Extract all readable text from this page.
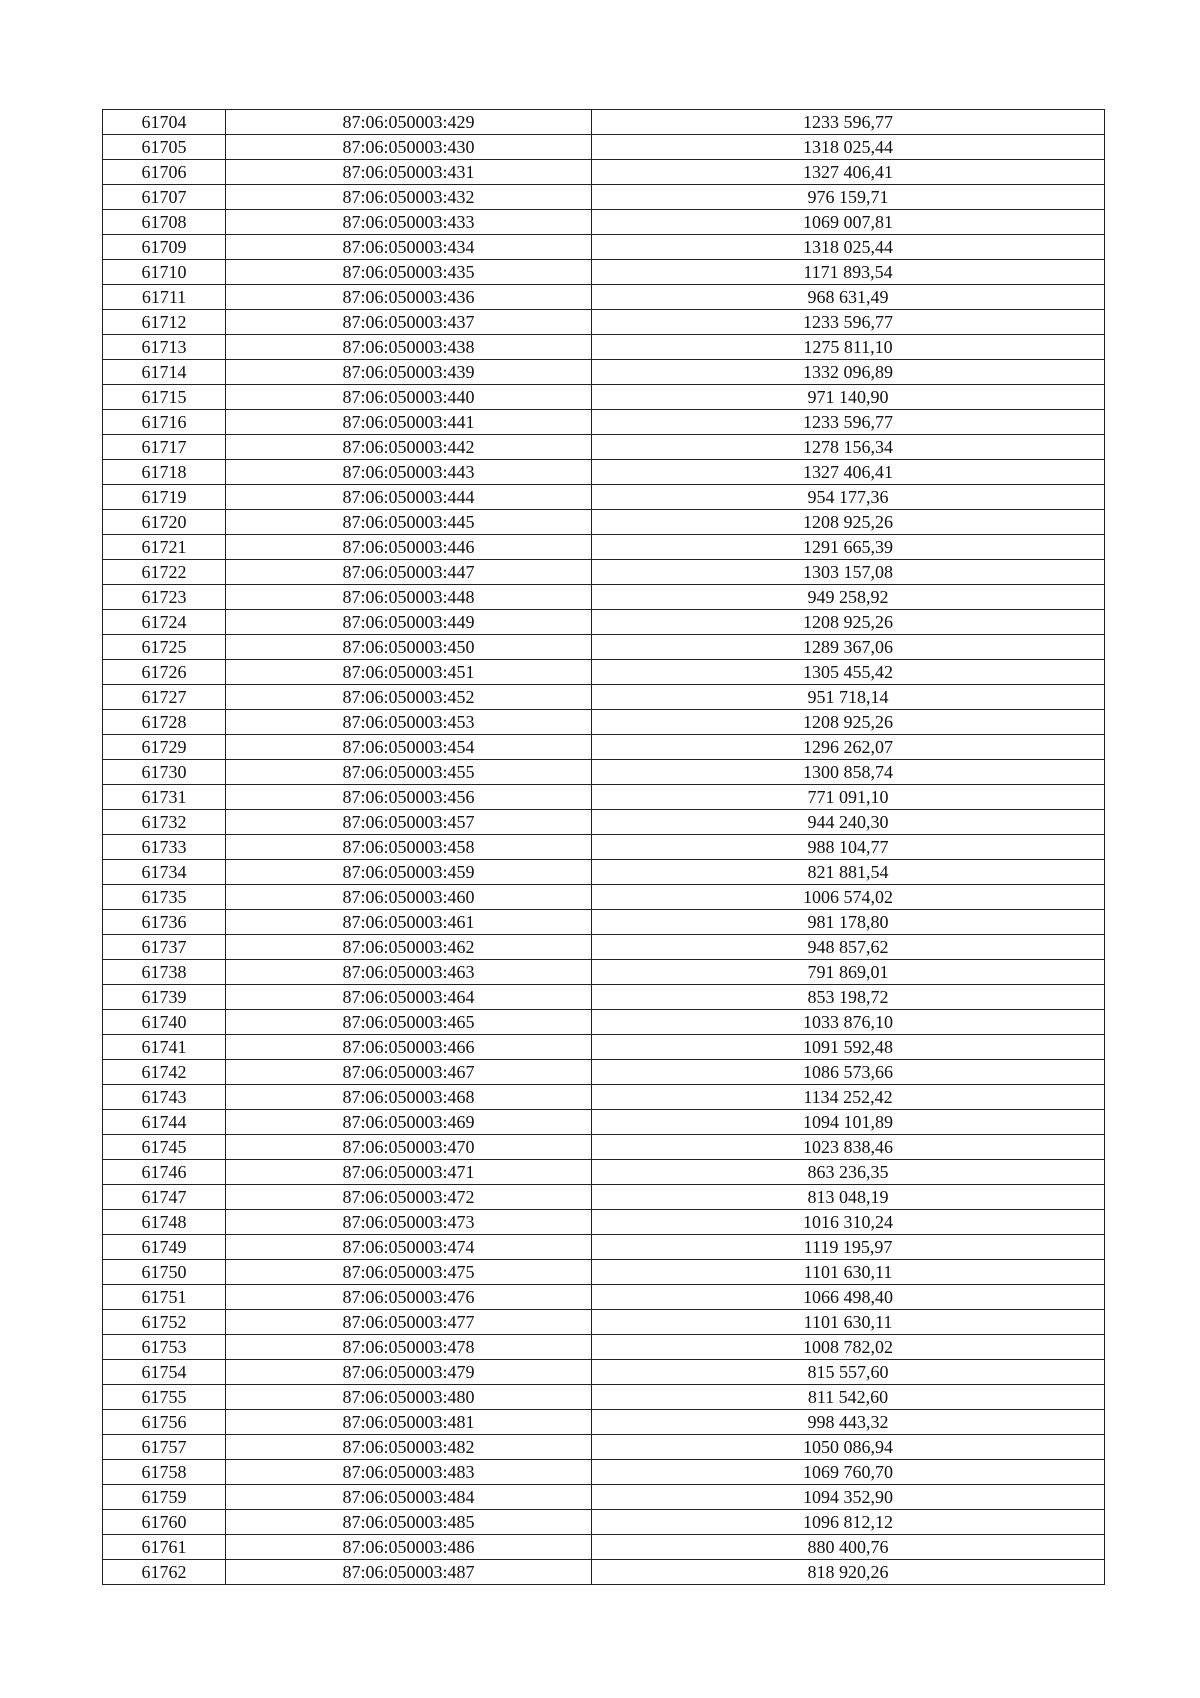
61704	87:06:050003:429	1233 596,77
61705	87:06:050003:430	1318 025,44
61706	87:06:050003:431	1327 406,41
61707	87:06:050003:432	976 159,71
61708	87:06:050003:433	1069 007,81
61709	87:06:050003:434	1318 025,44
61710	87:06:050003:435	1171 893,54
61711	87:06:050003:436	968 631,49
61712	87:06:050003:437	1233 596,77
61713	87:06:050003:438	1275 811,10
61714	87:06:050003:439	1332 096,89
61715	87:06:050003:440	971 140,90
61716	87:06:050003:441	1233 596,77
61717	87:06:050003:442	1278 156,34
61718	87:06:050003:443	1327 406,41
61719	87:06:050003:444	954 177,36
61720	87:06:050003:445	1208 925,26
61721	87:06:050003:446	1291 665,39
61722	87:06:050003:447	1303 157,08
61723	87:06:050003:448	949 258,92
61724	87:06:050003:449	1208 925,26
61725	87:06:050003:450	1289 367,06
61726	87:06:050003:451	1305 455,42
61727	87:06:050003:452	951 718,14
61728	87:06:050003:453	1208 925,26
61729	87:06:050003:454	1296 262,07
61730	87:06:050003:455	1300 858,74
61731	87:06:050003:456	771 091,10
61732	87:06:050003:457	944 240,30
61733	87:06:050003:458	988 104,77
61734	87:06:050003:459	821 881,54
61735	87:06:050003:460	1006 574,02
61736	87:06:050003:461	981 178,80
61737	87:06:050003:462	948 857,62
61738	87:06:050003:463	791 869,01
61739	87:06:050003:464	853 198,72
61740	87:06:050003:465	1033 876,10
61741	87:06:050003:466	1091 592,48
61742	87:06:050003:467	1086 573,66
61743	87:06:050003:468	1134 252,42
61744	87:06:050003:469	1094 101,89
61745	87:06:050003:470	1023 838,46
61746	87:06:050003:471	863 236,35
61747	87:06:050003:472	813 048,19
61748	87:06:050003:473	1016 310,24
61749	87:06:050003:474	1119 195,97
61750	87:06:050003:475	1101 630,11
61751	87:06:050003:476	1066 498,40
61752	87:06:050003:477	1101 630,11
61753	87:06:050003:478	1008 782,02
61754	87:06:050003:479	815 557,60
61755	87:06:050003:480	811 542,60
61756	87:06:050003:481	998 443,32
61757	87:06:050003:482	1050 086,94
61758	87:06:050003:483	1069 760,70
61759	87:06:050003:484	1094 352,90
61760	87:06:050003:485	1096 812,12
61761	87:06:050003:486	880 400,76
61762	87:06:050003:487	818 920,26
